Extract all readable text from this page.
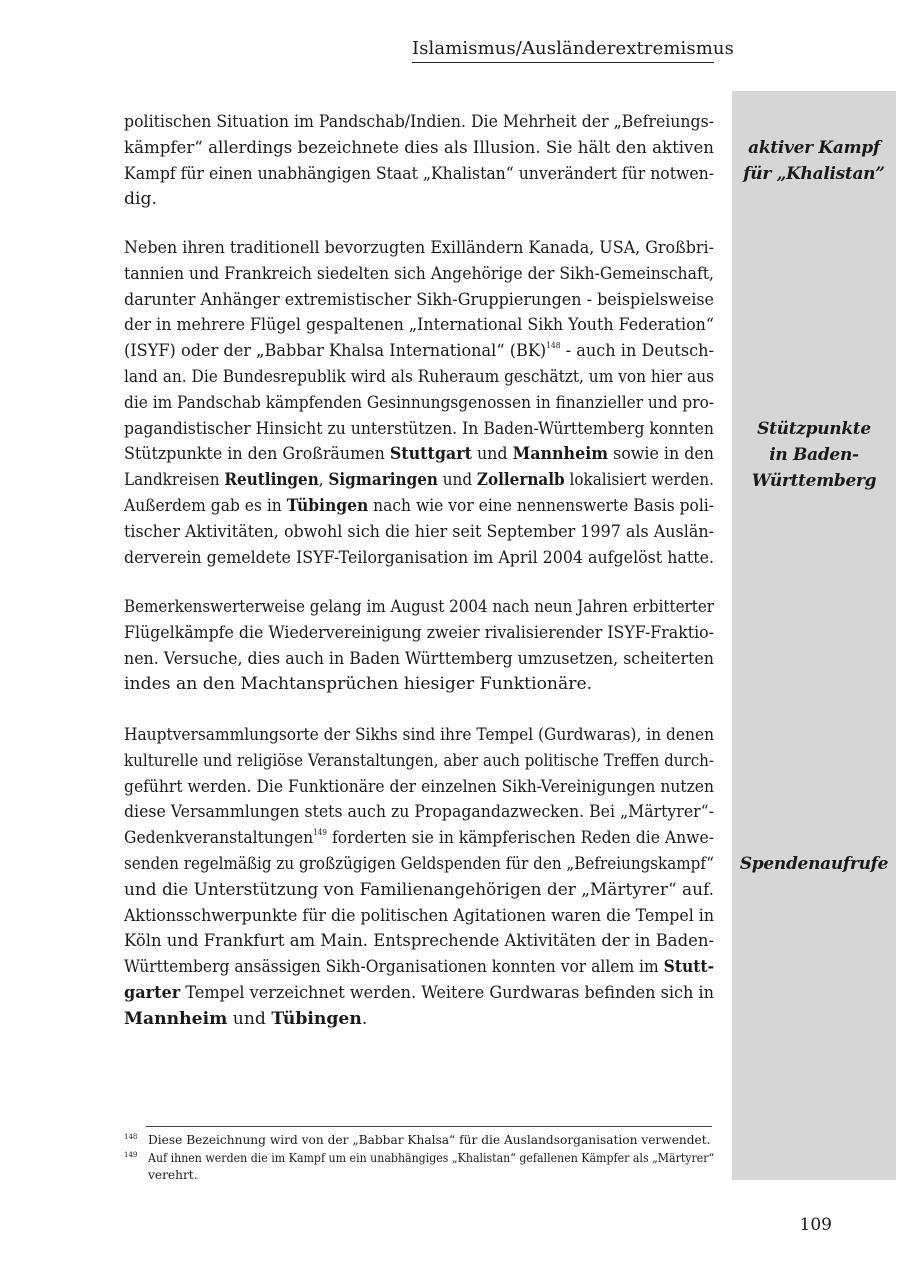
Islamismus/Ausländerextremismus
aktiver Kampf
für „Khalistan”
Stützpunkte
in Baden-
Württemberg
Spendenaufrufe
politischen Situation im Pandschab/Indien. Die Mehrheit der „Befreiungs-
kämpfer“ allerdings bezeichnete dies als Illusion. Sie hält den aktiven
Kampf für einen unabhängigen Staat „Khalistan“ unverändert für notwen-
dig.
Neben ihren traditionell bevorzugten Exilländern Kanada, USA, Großbri-
tannien und Frankreich siedelten sich Angehörige der Sikh-Gemeinschaft,
darunter Anhänger extremistischer Sikh-Gruppierungen - beispielsweise
der in mehrere Flügel gespaltenen „International Sikh Youth Federation“
(ISYF) oder der „Babbar Khalsa International“ (BK)$^{148}$ - auch in Deutsch-
land an. Die Bundesrepublik wird als Ruheraum geschätzt, um von hier aus
die im Pandschab kämpfenden Gesinnungsgenossen in finanzieller und pro-
pagandistischer Hinsicht zu unterstützen. In Baden-Württemberg konnten
Stützpunkte in den Großräumen Stuttgart und Mannheim sowie in den
Landkreisen Reutlingen, Sigmaringen und Zollernalb lokalisiert werden.
Außerdem gab es in Tübingen nach wie vor eine nennenswerte Basis poli-
tischer Aktivitäten, obwohl sich die hier seit September 1997 als Auslän-
derverein gemeldete ISYF-Teilorganisation im April 2004 aufgelöst hatte.
Bemerkenswerterweise gelang im August 2004 nach neun Jahren erbitterter
Flügelkämpfe die Wiedervereinigung zweier rivalisierender ISYF-Fraktio-
nen. Versuche, dies auch in Baden Württemberg umzusetzen, scheiterten
indes an den Machtansprüchen hiesiger Funktionäre.
Hauptversammlungsorte der Sikhs sind ihre Tempel (Gurdwaras), in denen
kulturelle und religiöse Veranstaltungen, aber auch politische Treffen durch-
geführt werden. Die Funktionäre der einzelnen Sikh-Vereinigungen nutzen
diese Versammlungen stets auch zu Propagandazwecken. Bei „Märtyrer“-
Gedenkveranstaltungen$^{149}$ forderten sie in kämpferischen Reden die Anwe-
senden regelmäßig zu großzügigen Geldspenden für den „Befreiungskampf“
und die Unterstützung von Familienangehörigen der „Märtyrer“ auf.
Aktionsschwerpunkte für die politischen Agitationen waren die Tempel in
Köln und Frankfurt am Main. Entsprechende Aktivitäten der in Baden-
Württemberg ansässigen Sikh-Organisationen konnten vor allem im Stutt-
garter Tempel verzeichnet werden. Weitere Gurdwaras befinden sich in
Mannheim und Tübingen.
148 Diese Bezeichnung wird von der „Babbar Khalsa“ für die Auslandsorganisation verwendet.
149 Auf ihnen werden die im Kampf um ein unabhängiges „Khalistan“ gefallenen Kämpfer als „Märtyrer“
verehrt.
109
